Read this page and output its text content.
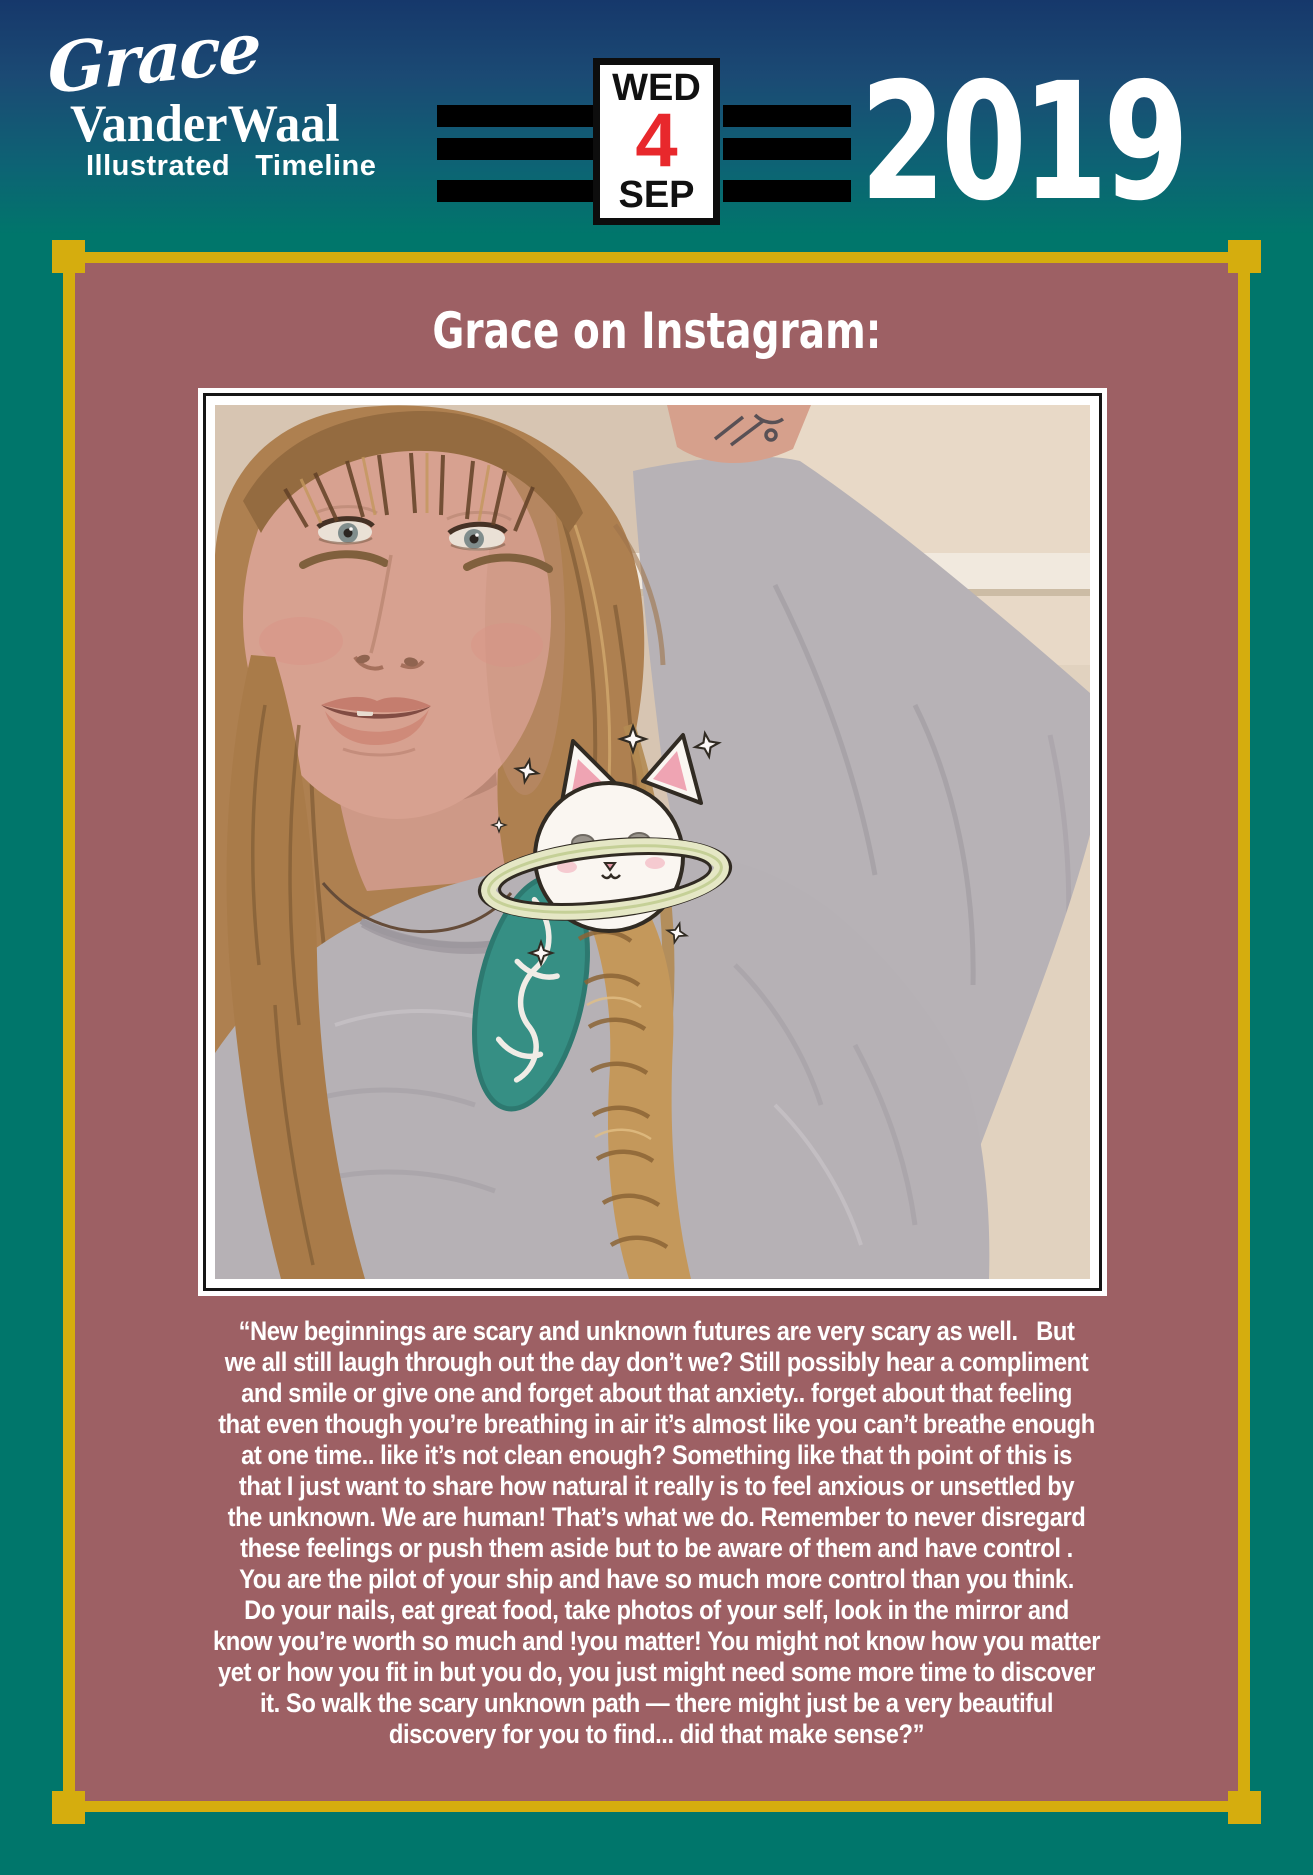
Grace
VanderWaal
Illustrated  Timeline
WED
4
SEP 2019
Grace on Instagram:
“New beginnings are scary and unknown futures are very scary as well.   But
we all still laugh through out the day don’t we? Still possibly hear a compliment
and smile or give one and forget about that anxiety.. forget about that feeling
that even though you’re breathing in air it’s almost like you can’t breathe enough
at one time.. like it’s not clean enough? Something like that th point of this is
that I just want to share how natural it really is to feel anxious or unsettled by
the unknown. We are human! That’s what we do. Remember to never disregard
these feelings or push them aside but to be aware of them and have control .
You are the pilot of your ship and have so much more control than you think.
Do your nails, eat great food, take photos of your self, look in the mirror and
know you’re worth so much and !you matter! You might not know how you matter
yet or how you fit in but you do, you just might need some more time to discover
it. So walk the scary unknown path — there might just be a very beautiful
discovery for you to find... did that make sense?”
